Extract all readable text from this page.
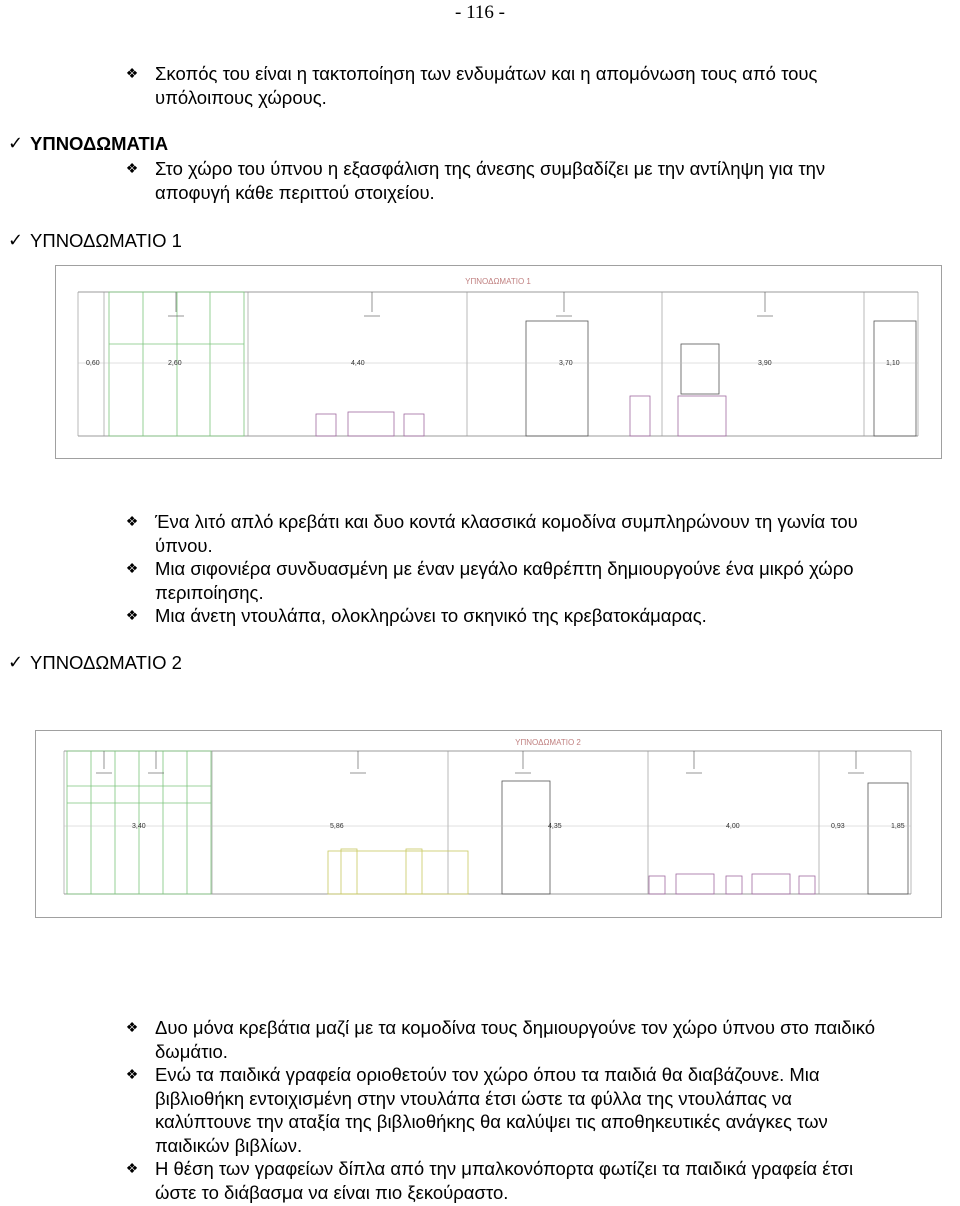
- 116 -
❖ Σκοπός του είναι η τακτοποίηση των ενδυμάτων και η απομόνωση τους από τους υπόλοιπους χώρους.
✓ ΥΠΝΟΔΩΜΑΤΙΑ
❖ Στο χώρο του ύπνου η εξασφάλιση της άνεσης συμβαδίζει με την αντίληψη για την αποφυγή κάθε περιττού στοιχείου.
✓ ΥΠΝΟΔΩΜΑΤΙΟ 1
ΥΠΝΟΔΩΜΑΤΙΟ 1
0,60	2,60	4,40	3,70	3,90	1,10
❖ Ένα λιτό απλό κρεβάτι και δυο κοντά κλασσικά κομοδίνα συμπληρώνουν τη γωνία του ύπνου.
❖ Μια σιφονιέρα συνδυασμένη με έναν μεγάλο καθρέπτη δημιουργούνε ένα μικρό χώρο περιποίησης.
❖ Μια άνετη ντουλάπα, ολοκληρώνει το σκηνικό της κρεβατοκάμαρας.
✓ ΥΠΝΟΔΩΜΑΤΙΟ 2
ΥΠΝΟΔΩΜΑΤΙΟ 2
3,40	5,86	4,35	4,00	0,93	1,85
❖ Δυο μόνα κρεβάτια μαζί με τα κομοδίνα τους δημιουργούνε τον χώρο ύπνου στο παιδικό δωμάτιο.
❖ Ενώ τα παιδικά γραφεία οριοθετούν τον χώρο όπου τα παιδιά θα διαβάζουνε. Μια βιβλιοθήκη εντοιχισμένη στην ντουλάπα έτσι ώστε τα φύλλα της ντουλάπας να καλύπτουνε την αταξία της βιβλιοθήκης θα καλύψει τις αποθηκευτικές ανάγκες των παιδικών βιβλίων.
❖ Η θέση των γραφείων δίπλα από την μπαλκονόπορτα φωτίζει τα παιδικά γραφεία έτσι ώστε το διάβασμα να είναι πιο ξεκούραστο.
